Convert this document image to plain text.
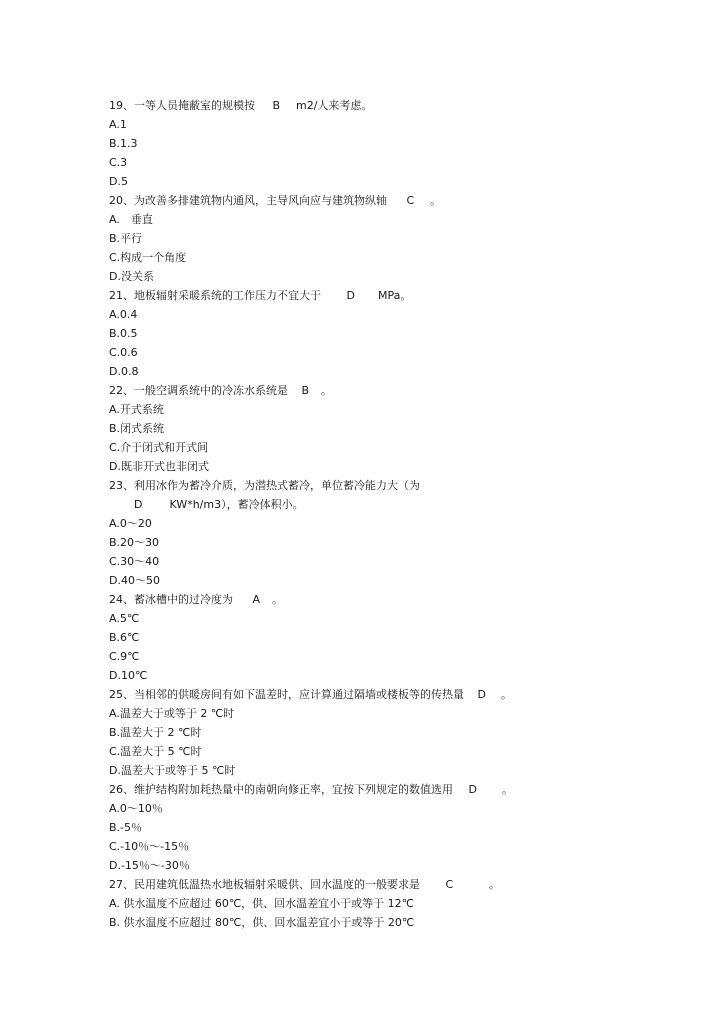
19、一等人员掩蔽室的规模按 B m2/人来考虑。
A.1
B.1.3
C.3
D.5
20、为改善多排建筑物内通风，主导风向应与建筑物纵轴 C 。
A.　垂直
B.平行
C.构成一个角度
D.没关系
21、地板辐射采暖系统的工作压力不宜大于 D MPa。
A.0.4
B.0.5
C.0.6
D.0.8
22、一般空调系统中的冷冻水系统是 B 。
A.开式系统
B.闭式系统
C.介于闭式和开式间
D.既非开式也非闭式
23、利用冰作为蓄冷介质，为潜热式蓄冷，单位蓄冷能力大（为
D KW*h/m3），蓄冷体积小。
A.0～20
B.20～30
C.30～40
D.40～50
24、蓄冰槽中的过冷度为 A 。
A.5℃
B.6℃
C.9℃
D.10℃
25、当相邻的供暖房间有如下温差时，应计算通过隔墙或楼板等的传热量 D 。
A.温差大于或等于 2 ℃时
B.温差大于 2 ℃时
C.温差大于 5 ℃时
D.温差大于或等于 5 ℃时
26、维护结构附加耗热量中的南朝向修正率，宜按下列规定的数值选用 D 。
A.0～10％
B.-5％
C.-10％～-15％
D.-15％～-30％
27、民用建筑低温热水地板辐射采暖供、回水温度的一般要求是 C	。
A. 供水温度不应超过 60℃，供、回水温差宜小于或等于 12℃
B. 供水温度不应超过 80℃，供、回水温差宜小于或等于 20℃
